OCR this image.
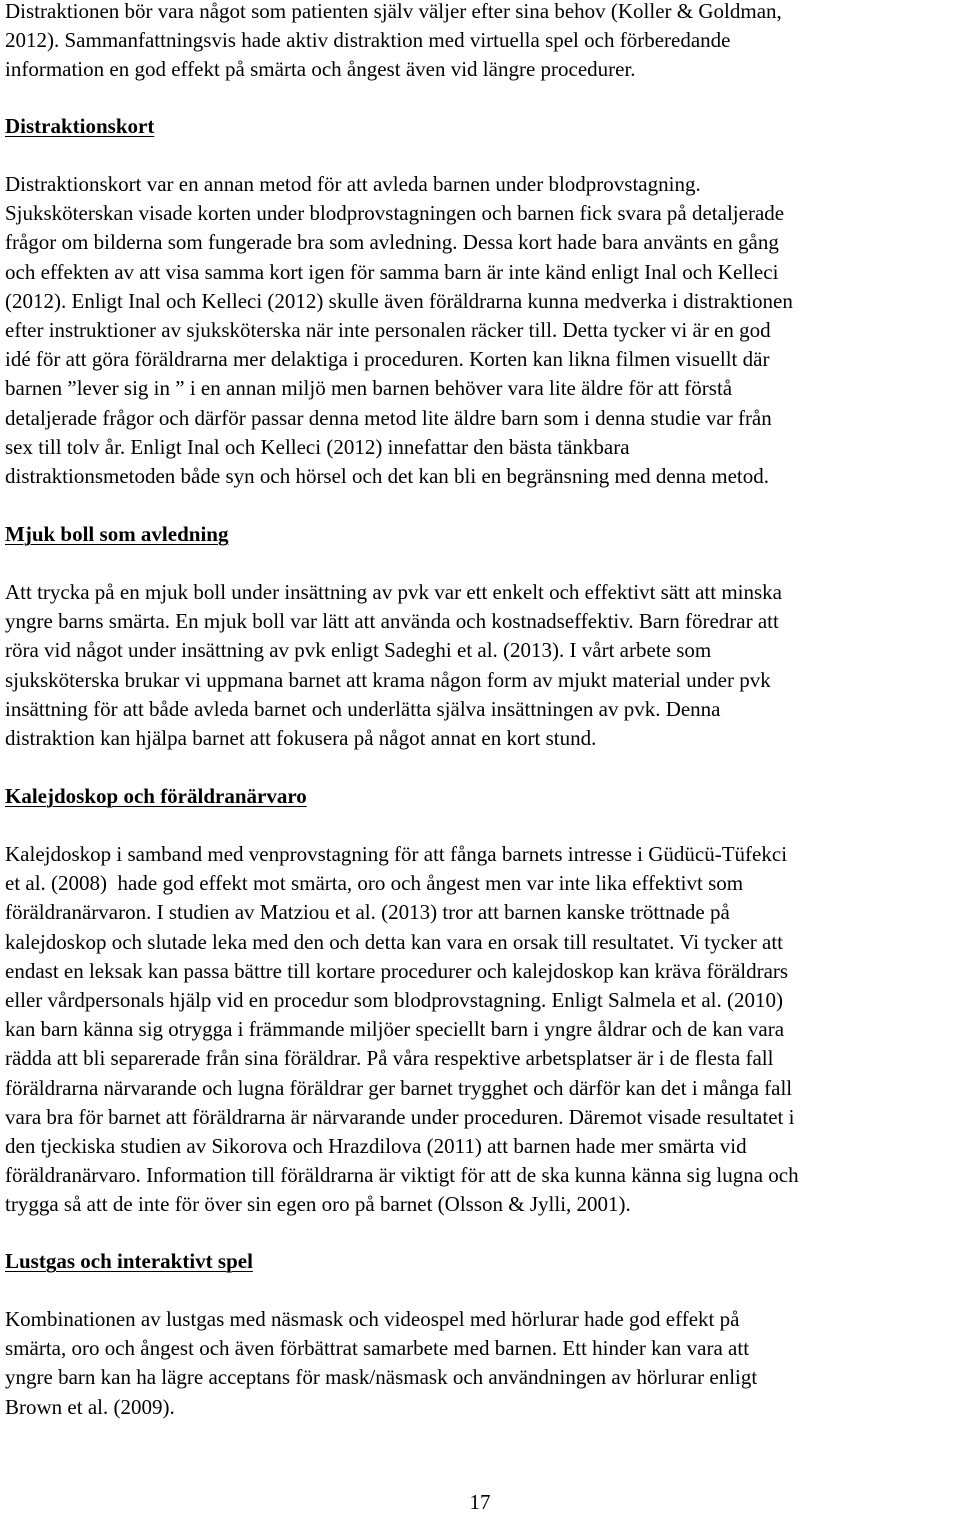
Distraktionen bör vara något som patienten själv väljer efter sina behov (Koller & Goldman,
2012). Sammanfattningsvis hade aktiv distraktion med virtuella spel och förberedande
information en god effekt på smärta och ångest även vid längre procedurer.

Distraktionskort

Distraktionskort var en annan metod för att avleda barnen under blodprovstagning.
Sjuksköterskan visade korten under blodprovstagningen och barnen fick svara på detaljerade
frågor om bilderna som fungerade bra som avledning. Dessa kort hade bara använts en gång
och effekten av att visa samma kort igen för samma barn är inte känd enligt Inal och Kelleci
(2012). Enligt Inal och Kelleci (2012) skulle även föräldrarna kunna medverka i distraktionen
efter instruktioner av sjuksköterska när inte personalen räcker till. Detta tycker vi är en god
idé för att göra föräldrarna mer delaktiga i proceduren. Korten kan likna filmen visuellt där
barnen ”lever sig in ” i en annan miljö men barnen behöver vara lite äldre för att förstå
detaljerade frågor och därför passar denna metod lite äldre barn som i denna studie var från
sex till tolv år. Enligt Inal och Kelleci (2012) innefattar den bästa tänkbara
distraktionsmetoden både syn och hörsel och det kan bli en begränsning med denna metod.

Mjuk boll som avledning

Att trycka på en mjuk boll under insättning av pvk var ett enkelt och effektivt sätt att minska
yngre barns smärta. En mjuk boll var lätt att använda och kostnadseffektiv. Barn föredrar att
röra vid något under insättning av pvk enligt Sadeghi et al. (2013). I vårt arbete som
sjuksköterska brukar vi uppmana barnet att krama någon form av mjukt material under pvk
insättning för att både avleda barnet och underlätta själva insättningen av pvk. Denna
distraktion kan hjälpa barnet att fokusera på något annat en kort stund.

Kalejdoskop och föräldranärvaro

Kalejdoskop i samband med venprovstagning för att fånga barnets intresse i Güdücü-Tüfekci
et al. (2008)  hade god effekt mot smärta, oro och ångest men var inte lika effektivt som
föräldranärvaron. I studien av Matziou et al. (2013) tror att barnen kanske tröttnade på
kalejdoskop och slutade leka med den och detta kan vara en orsak till resultatet. Vi tycker att
endast en leksak kan passa bättre till kortare procedurer och kalejdoskop kan kräva föräldrars
eller vårdpersonals hjälp vid en procedur som blodprovstagning. Enligt Salmela et al. (2010)
kan barn känna sig otrygga i främmande miljöer speciellt barn i yngre åldrar och de kan vara
rädda att bli separerade från sina föräldrar. På våra respektive arbetsplatser är i de flesta fall
föräldrarna närvarande och lugna föräldrar ger barnet trygghet och därför kan det i många fall
vara bra för barnet att föräldrarna är närvarande under proceduren. Däremot visade resultatet i
den tjeckiska studien av Sikorova och Hrazdilova (2011) att barnen hade mer smärta vid
föräldranärvaro. Information till föräldrarna är viktigt för att de ska kunna känna sig lugna och
trygga så att de inte för över sin egen oro på barnet (Olsson & Jylli, 2001).

Lustgas och interaktivt spel

Kombinationen av lustgas med näsmask och videospel med hörlurar hade god effekt på
smärta, oro och ångest och även förbättrat samarbete med barnen. Ett hinder kan vara att
yngre barn kan ha lägre acceptans för mask/näsmask och användningen av hörlurar enligt
Brown et al. (2009).

17
